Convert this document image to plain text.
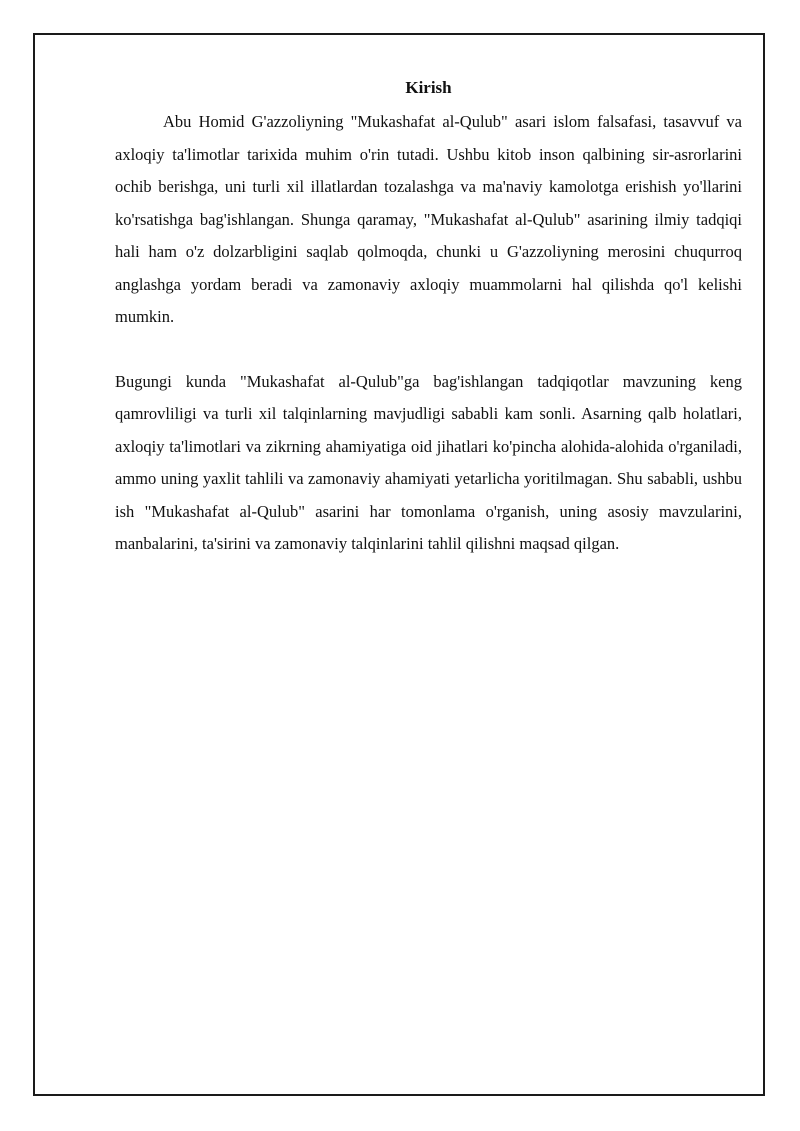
Kirish

Abu Homid G'azzoliyning "Mukashafat al-Qulub" asari islom falsafasi, tasavvuf va axloqiy ta'limotlar tarixida muhim o'rin tutadi. Ushbu kitob inson qalbining sir-asrorlarini ochib berishga, uni turli xil illatlardan tozalashga va ma'naviy kamolotga erishish yo'llarini ko'rsatishga bag'ishlangan. Shunga qaramay, "Mukashafat al-Qulub" asarining ilmiy tadqiqi hali ham o'z dolzarbligini saqlab qolmoqda, chunki u G'azzoliyning merosini chuqurroq anglashga yordam beradi va zamonaviy axloqiy muammolarni hal qilishda qo'l kelishi mumkin.

Bugungi kunda "Mukashafat al-Qulub"ga bag'ishlangan tadqiqotlar mavzuning keng qamrovliligi va turli xil talqinlarning mavjudligi sababli kam sonli. Asarning qalb holatlari, axloqiy ta'limotlari va zikrning ahamiyatiga oid jihatlari ko'pincha alohida-alohida o'rganiladi, ammo uning yaxlit tahlili va zamonaviy ahamiyati yetarlicha yoritilmagan. Shu sababli, ushbu ish "Mukashafat al-Qulub" asarini har tomonlama o'rganish, uning asosiy mavzularini, manbalarini, ta'sirini va zamonaviy talqinlarini tahlil qilishni maqsad qilgan.
